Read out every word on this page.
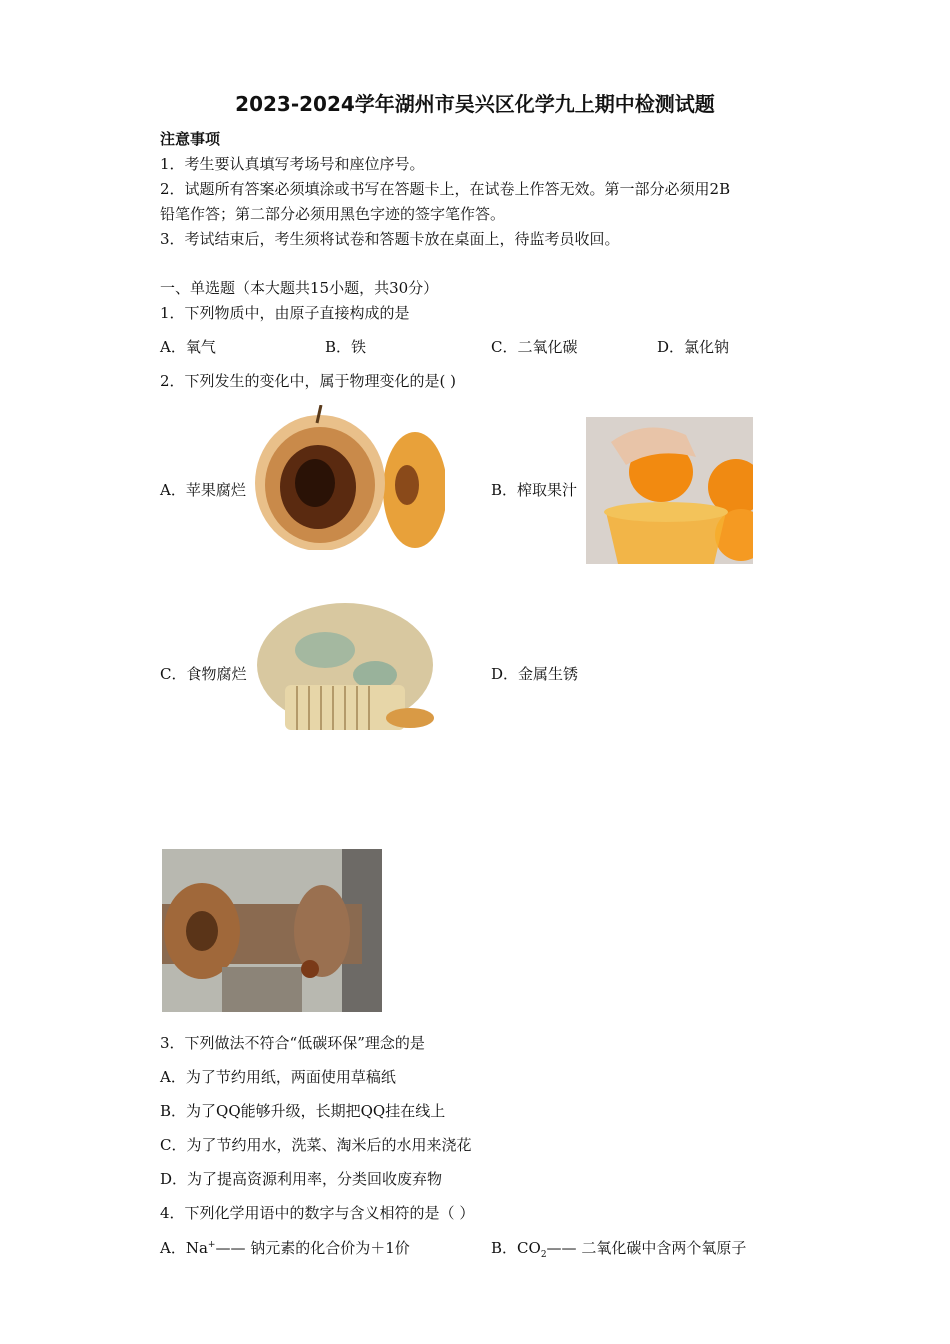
2023-2024学年湖州市吴兴区化学九上期中检测试题
注意事项
1．考生要认真填写考场号和座位序号。
2．试题所有答案必须填涂或书写在答题卡上，在试卷上作答无效。第一部分必须用2B
铅笔作答；第二部分必须用黑色字迹的签字笔作答。
3．考试结束后，考生须将试卷和答题卡放在桌面上，待监考员收回。
一、单选题（本大题共15小题，共30分）
1．下列物质中，由原子直接构成的是
A．氧气	B．铁	C．二氧化碳	D．氯化钠
2．下列发生的变化中，属于物理变化的是( )
A．苹果腐烂	B．榨取果汁
C．食物腐烂	D．金属生锈
3．下列做法不符合“低碳环保”理念的是
A．为了节约用纸，两面使用草稿纸
B．为了QQ能够升级，长期把QQ挂在线上
C．为了节约用水，洗菜、淘米后的水用来浇花
D．为了提高资源利用率，分类回收废弃物
4．下列化学用语中的数字与含义相符的是（ ）
A．Na+—— 钠元素的化合价为＋1价	B．$CO_2——$ 二氧化碳中含两个氧原子
